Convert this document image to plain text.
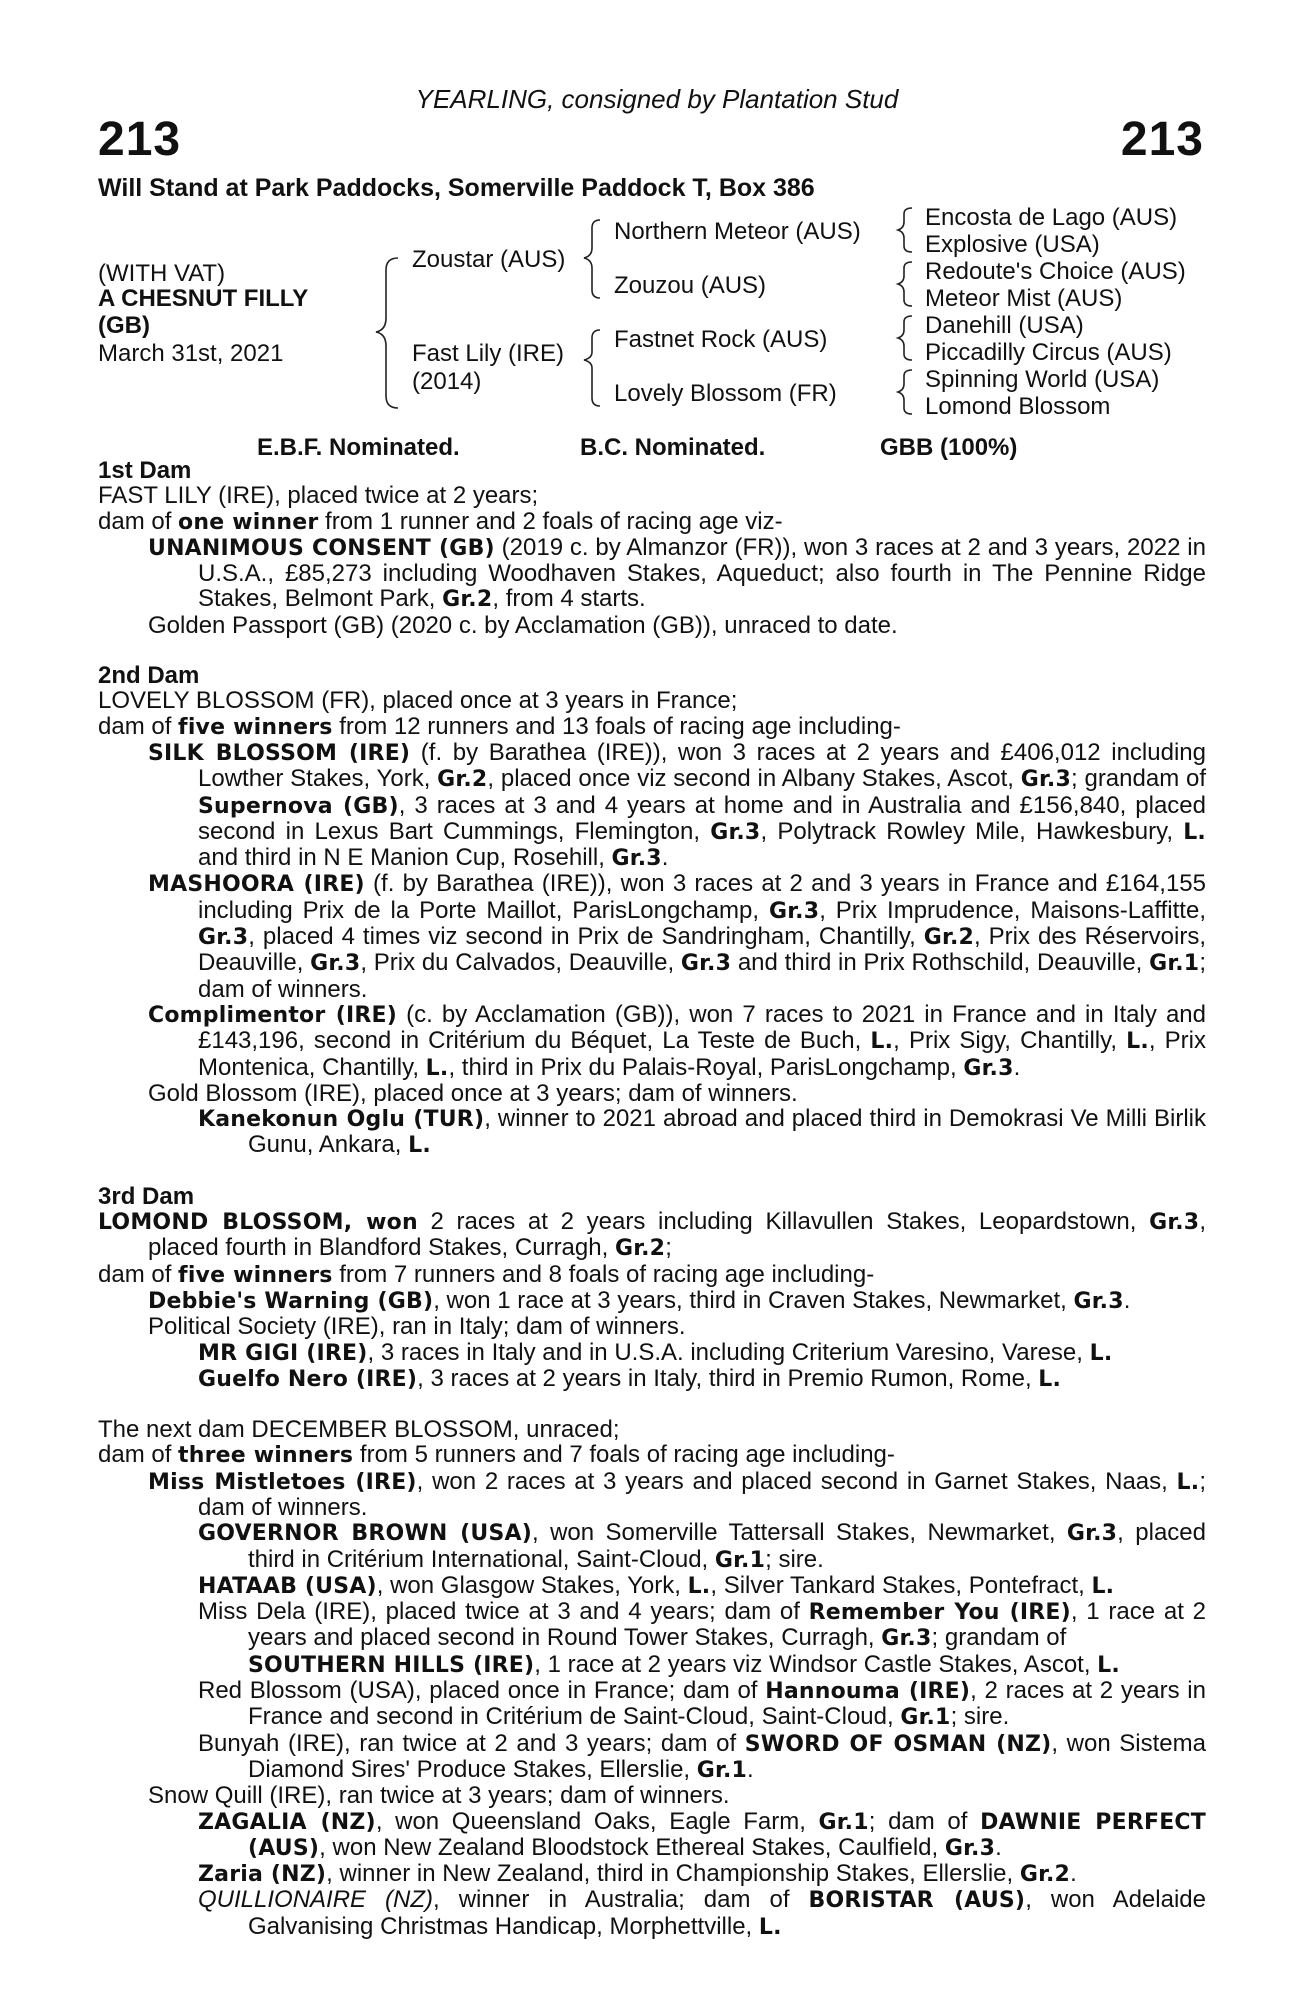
YEARLING, consigned by Plantation Stud
213	213
Will Stand at Park Paddocks, Somerville Paddock T, Box 386
(WITH VAT)
A CHESNUT FILLY
(GB)
March 31st, 2021
Zoustar (AUS)
Fast Lily (IRE)
(2014)
Northern Meteor (AUS)
Zouzou (AUS)
Fastnet Rock (AUS)
Lovely Blossom (FR)
Encosta de Lago (AUS)
Explosive (USA)
Redoute's Choice (AUS)
Meteor Mist (AUS)
Danehill (USA)
Piccadilly Circus (AUS)
Spinning World (USA)
Lomond Blossom
E.B.F. Nominated.	B.C. Nominated.	GBB (100%)

1st Dam

FAST LILY (IRE), placed twice at 2 years;

dam of one winner from 1 runner and 2 foals of racing age viz-

UNANIMOUS CONSENT (GB) (2019 c. by Almanzor (FR)), won 3 races at 2 and 3 years, 2022 in U.S.A., £85,273 including Woodhaven Stakes, Aqueduct; also fourth in The Pennine Ridge Stakes, Belmont Park, Gr.2, from 4 starts.

Golden Passport (GB) (2020 c. by Acclamation (GB)), unraced to date.

2nd Dam

LOVELY BLOSSOM (FR), placed once at 3 years in France;

dam of five winners from 12 runners and 13 foals of racing age including-

SILK BLOSSOM (IRE) (f. by Barathea (IRE)), won 3 races at 2 years and £406,012 including Lowther Stakes, York, Gr.2, placed once viz second in Albany Stakes, Ascot, Gr.3; grandam of Supernova (GB), 3 races at 3 and 4 years at home and in Australia and £156,840, placed second in Lexus Bart Cummings, Flemington, Gr.3, Polytrack Rowley Mile, Hawkesbury, L. and third in N E Manion Cup, Rosehill, Gr.3.

MASHOORA (IRE) (f. by Barathea (IRE)), won 3 races at 2 and 3 years in France and £164,155 including Prix de la Porte Maillot, ParisLongchamp, Gr.3, Prix Imprudence, Maisons-Laffitte, Gr.3, placed 4 times viz second in Prix de Sandringham, Chantilly, Gr.2, Prix des Réservoirs, Deauville, Gr.3, Prix du Calvados, Deauville, Gr.3 and third in Prix Rothschild, Deauville, Gr.1; dam of winners.

Complimentor (IRE) (c. by Acclamation (GB)), won 7 races to 2021 in France and in Italy and £143,196, second in Critérium du Béquet, La Teste de Buch, L., Prix Sigy, Chantilly, L., Prix Montenica, Chantilly, L., third in Prix du Palais-Royal, ParisLongchamp, Gr.3.

Gold Blossom (IRE), placed once at 3 years; dam of winners.

Kanekonun Oglu (TUR), winner to 2021 abroad and placed third in Demokrasi Ve Milli Birlik Gunu, Ankara, L.

3rd Dam

LOMOND BLOSSOM, won 2 races at 2 years including Killavullen Stakes, Leopardstown, Gr.3, placed fourth in Blandford Stakes, Curragh, Gr.2;

dam of five winners from 7 runners and 8 foals of racing age including-

Debbie's Warning (GB), won 1 race at 3 years, third in Craven Stakes, Newmarket, Gr.3.

Political Society (IRE), ran in Italy; dam of winners.

MR GIGI (IRE), 3 races in Italy and in U.S.A. including Criterium Varesino, Varese, L.

Guelfo Nero (IRE), 3 races at 2 years in Italy, third in Premio Rumon, Rome, L.

The next dam DECEMBER BLOSSOM, unraced;

dam of three winners from 5 runners and 7 foals of racing age including-

Miss Mistletoes (IRE), won 2 races at 3 years and placed second in Garnet Stakes, Naas, L.; dam of winners.

GOVERNOR BROWN (USA), won Somerville Tattersall Stakes, Newmarket, Gr.3, placed third in Critérium International, Saint-Cloud, Gr.1; sire.

HATAAB (USA), won Glasgow Stakes, York, L., Silver Tankard Stakes, Pontefract, L.

Miss Dela (IRE), placed twice at 3 and 4 years; dam of Remember You (IRE), 1 race at 2 years and placed second in Round Tower Stakes, Curragh, Gr.3; grandam of

SOUTHERN HILLS (IRE), 1 race at 2 years viz Windsor Castle Stakes, Ascot, L.

Red Blossom (USA), placed once in France; dam of Hannouma (IRE), 2 races at 2 years in France and second in Critérium de Saint-Cloud, Saint-Cloud, Gr.1; sire.

Bunyah (IRE), ran twice at 2 and 3 years; dam of SWORD OF OSMAN (NZ), won Sistema Diamond Sires' Produce Stakes, Ellerslie, Gr.1.

Snow Quill (IRE), ran twice at 3 years; dam of winners.

ZAGALIA (NZ), won Queensland Oaks, Eagle Farm, Gr.1; dam of DAWNIE PERFECT (AUS), won New Zealand Bloodstock Ethereal Stakes, Caulfield, Gr.3.

Zaria (NZ), winner in New Zealand, third in Championship Stakes, Ellerslie, Gr.2.

QUILLIONAIRE (NZ), winner in Australia; dam of BORISTAR (AUS), won Adelaide Galvanising Christmas Handicap, Morphettville, L.
